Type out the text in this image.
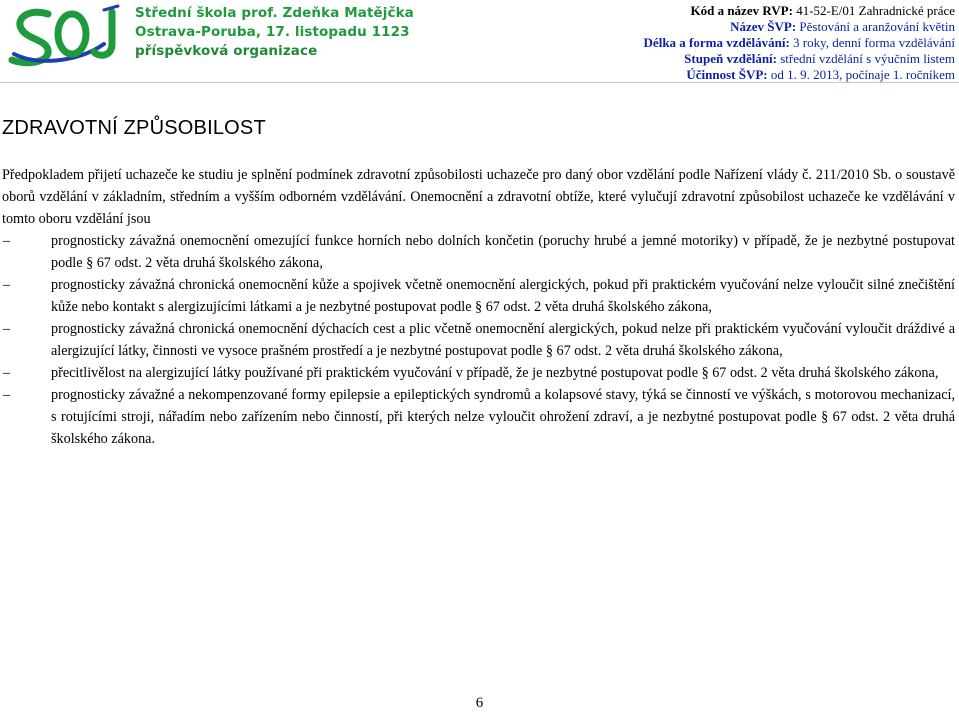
Střední škola prof. Zdeňka Matějčka
Ostrava-Poruba, 17. listopadu 1123
příspěvková organizace
Kód a název RVP: 41-52-E/01 Zahradnické práce
Název ŠVP: Pěstování a aranžování květin
Délka a forma vzdělávání: 3 roky, denní forma vzdělávání
Stupeň vzdělání: střední vzdělání s výučním listem
Účinnost ŠVP: od 1. 9. 2013, počínaje 1. ročníkem
ZDRAVOTNÍ ZPŮSOBILOST

Předpokladem přijetí uchazeče ke studiu je splnění podmínek zdravotní způsobilosti uchazeče pro daný obor vzdělání podle Nařízení vlády č. 211/2010 Sb. o soustavě oborů vzdělání v základním, středním a vyšším odborném vzdělávání. Onemocnění a zdravotní obtíže, které vylučují zdravotní způsobilost uchazeče ke vzdělávání v tomto oboru vzdělání jsou

–	prognosticky závažná onemocnění omezující funkce horních nebo dolních končetin (poruchy hrubé a jemné motoriky) v případě, že je nezbytné postupovat podle § 67 odst. 2 věta druhá školského zákona,
–	prognosticky závažná chronická onemocnění kůže a spojivek včetně onemocnění alergických, pokud při praktickém vyučování nelze vyloučit silné znečištění kůže nebo kontakt s alergizujícími látkami a je nezbytné postupovat podle § 67 odst. 2 věta druhá školského zákona,
–	prognosticky závažná chronická onemocnění dýchacích cest a plic včetně onemocnění alergických, pokud nelze při praktickém vyučování vyloučit dráždivé a alergizující látky, činnosti ve vysoce prašném prostředí a je nezbytné postupovat podle § 67 odst. 2 věta druhá školského zákona,
–	přecitlivělost na alergizující látky používané při praktickém vyučování v případě, že je nezbytné postupovat podle § 67 odst. 2 věta druhá školského zákona,
–	prognosticky závažné a nekompenzované formy epilepsie a epileptických syndromů a kolapsové stavy, týká se činností ve výškách, s motorovou mechanizací, s rotujícími stroji, nářadím nebo zařízením nebo činností, při kterých nelze vyloučit ohrožení zdraví, a je nezbytné postupovat podle § 67 odst. 2 věta druhá školského zákona.
6
